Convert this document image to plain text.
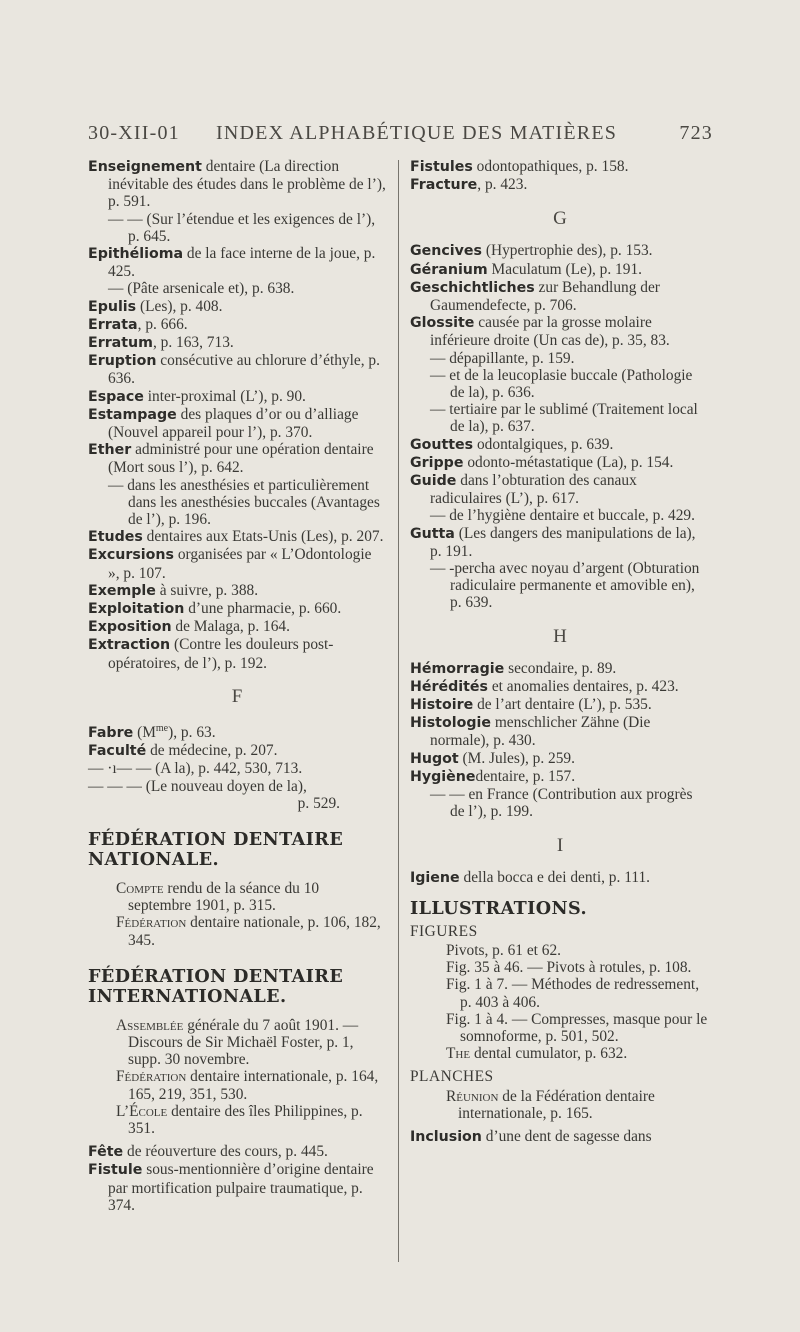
30-XII-01 INDEX ALPHABÉTIQUE DES MATIÈRES	723

Enseignement dentaire (La direction inévitable des études dans le problème de l’), p. 591.

— — (Sur l’étendue et les exigences de l’), p. 645.

Epithélioma de la face interne de la joue, p. 425.

— (Pâte arsenicale et), p. 638.

Epulis (Les), p. 408.

Errata, p. 666.

Erratum, p. 163, 713.

Eruption consécutive au chlorure d’éthyle, p. 636.

Espace inter-proximal (L’), p. 90.

Estampage des plaques d’or ou d’alliage (Nouvel appareil pour l’), p. 370.

Ether administré pour une opération dentaire (Mort sous l’), p. 642.

— dans les anesthésies et particulièrement dans les anesthésies buccales (Avantages de l’), p. 196.

Etudes dentaires aux Etats-Unis (Les), p. 207.

Excursions organisées par « L’Odontologie », p. 107.

Exemple à suivre, p. 388.

Exploitation d’une pharmacie, p. 660.

Exposition de Malaga, p. 164.

Extraction (Contre les douleurs post-opératoires, de l’), p. 192.

F

Fabre $(M^{me})$, p. 63.

Faculté de médecine, p. 207.

— ·ı— — (A la), p. 442, 530, 713.

— — — (Le nouveau doyen de la),

p. 529.

FÉDÉRATION DENTAIRE NATIONALE.

Compte rendu de la séance du 10 septembre 1901, p. 315.

Fédération dentaire nationale, p. 106, 182, 345.

FÉDÉRATION DENTAIRE INTERNATIONALE.

Assemblée générale du 7 août 1901. — Discours de Sir Michaël Foster, p. 1, supp. 30 novembre.

Fédération dentaire internationale, p. 164, 165, 219, 351, 530.

L’École dentaire des îles Philippines, p. 351.

Fête de réouverture des cours, p. 445.

Fistule sous-mentionnière d’origine dentaire par mortification pulpaire traumatique, p. 374.

Fistules odontopathiques, p. 158.

Fracture, p. 423.

G

Gencives (Hypertrophie des), p. 153.

Géranium Maculatum (Le), p. 191.

Geschichtliches zur Behandlung der Gaumendefecte, p. 706.

Glossite causée par la grosse molaire inférieure droite (Un cas de), p. 35, 83.

— dépapillante, p. 159.

— et de la leucoplasie buccale (Pathologie de la), p. 636.

— tertiaire par le sublimé (Traitement local de la), p. 637.

Gouttes odontalgiques, p. 639.

Grippe odonto-métastatique (La), p. 154.

Guide dans l’obturation des canaux radiculaires (L’), p. 617.

— de l’hygiène dentaire et buccale, p. 429.

Gutta (Les dangers des manipulations de la), p. 191.

— -percha avec noyau d’argent (Obturation radiculaire permanente et amovible en), p. 639.

H

Hémorragie secondaire, p. 89.

Hérédités et anomalies dentaires, p. 423.

Histoire de l’art dentaire (L’), p. 535.

Histologie menschlicher Zähne (Die normale), p. 430.

Hugot (M. Jules), p. 259.

Hygiènedentaire, p. 157.

— — en France (Contribution aux progrès de l’), p. 199.

I

Igiene della bocca e dei denti, p. 111.

ILLUSTRATIONS.

FIGURES

Pivots, p. 61 et 62.

Fig. 35 à 46. — Pivots à rotules, p. 108.

Fig. 1 à 7. — Méthodes de redressement, p. 403 à 406.

Fig. 1 à 4. — Compresses, masque pour le somnoforme, p. 501, 502.

The dental cumulator, p. 632.

PLANCHES

Réunion de la Fédération dentaire internationale, p. 165.

Inclusion d’une dent de sagesse dans
